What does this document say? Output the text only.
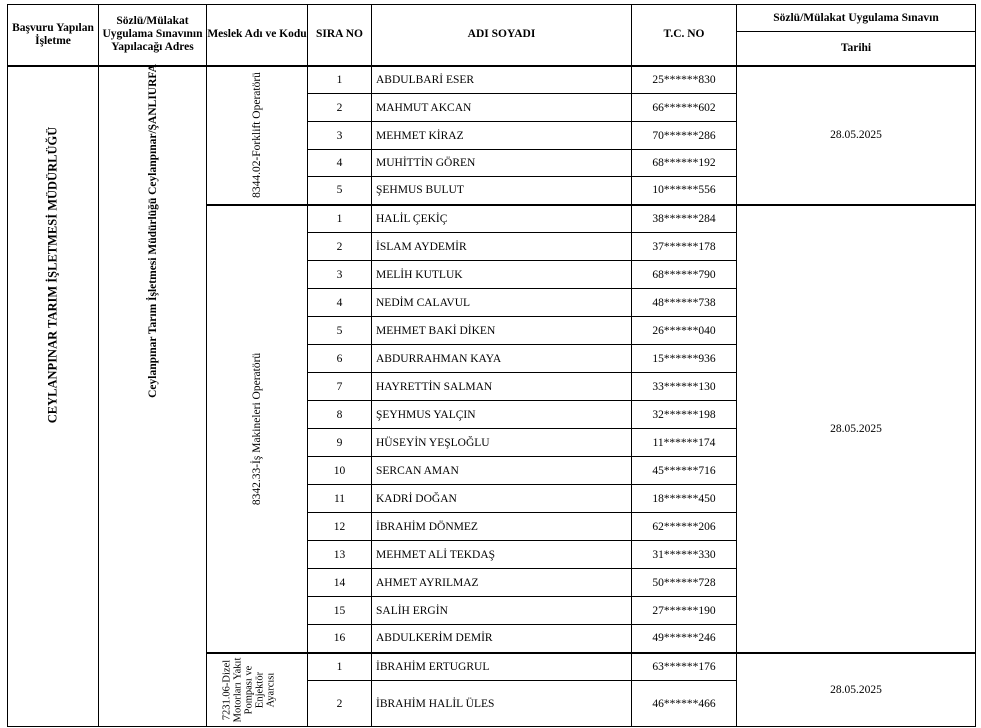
Başvuru Yapılan İşletme	Sözlü/Mülakat Uygulama Sınavının Yapılacağı Adres	Meslek Adı ve Kodu	SIRA NO	ADI SOYADI	T.C. NO	Sözlü/Mülakat Uygulama Sınavın
						Tarihi

CEYLANPINAR TARIM İŞLETMESİ MÜDÜRLÜĞÜ	Ceylanpınar Tarım İşletmesi Müdürlüğü Ceylanpınar/ŞANLIURFA	8344.02-Forklift Operatörü	1	ABDULBARİ ESER	25******830	28.05.2025
			2	MAHMUT AKCAN	66******602	
			3	MEHMET KİRAZ	70******286	
			4	MUHİTTİN GÖREN	68******192	
			5	ŞEHMUS BULUT	10******556	

		8342.33-İş Makineleri Operatörü	1	HALİL ÇEKİÇ	38******284	28.05.2025
			2	İSLAM AYDEMİR	37******178	
			3	MELİH KUTLUK	68******790	
			4	NEDİM CALAVUL	48******738	
			5	MEHMET BAKİ DİKEN	26******040	
			6	ABDURRAHMAN KAYA	15******936	
			7	HAYRETTİN SALMAN	33******130	
			8	ŞEYHMUS YALÇIN	32******198	
			9	HÜSEYİN YEŞLOĞLU	11******174	
			10	SERCAN AMAN	45******716	
			11	KADRİ DOĞAN	18******450	
			12	İBRAHİM DÖNMEZ	62******206	
			13	MEHMET ALİ TEKDAŞ	31******330	
			14	AHMET AYRILMAZ	50******728	
			15	SALİH ERGİN	27******190	
			16	ABDULKERİM DEMİR	49******246	

		7231.06-Dizel Motorları Yakıt Pompası ve Enjektör Ayarcısı	1	İBRAHİM ERTUGRUL	63******176	28.05.2025
			2	İBRAHİM HALİL ÜLES	46******466	
